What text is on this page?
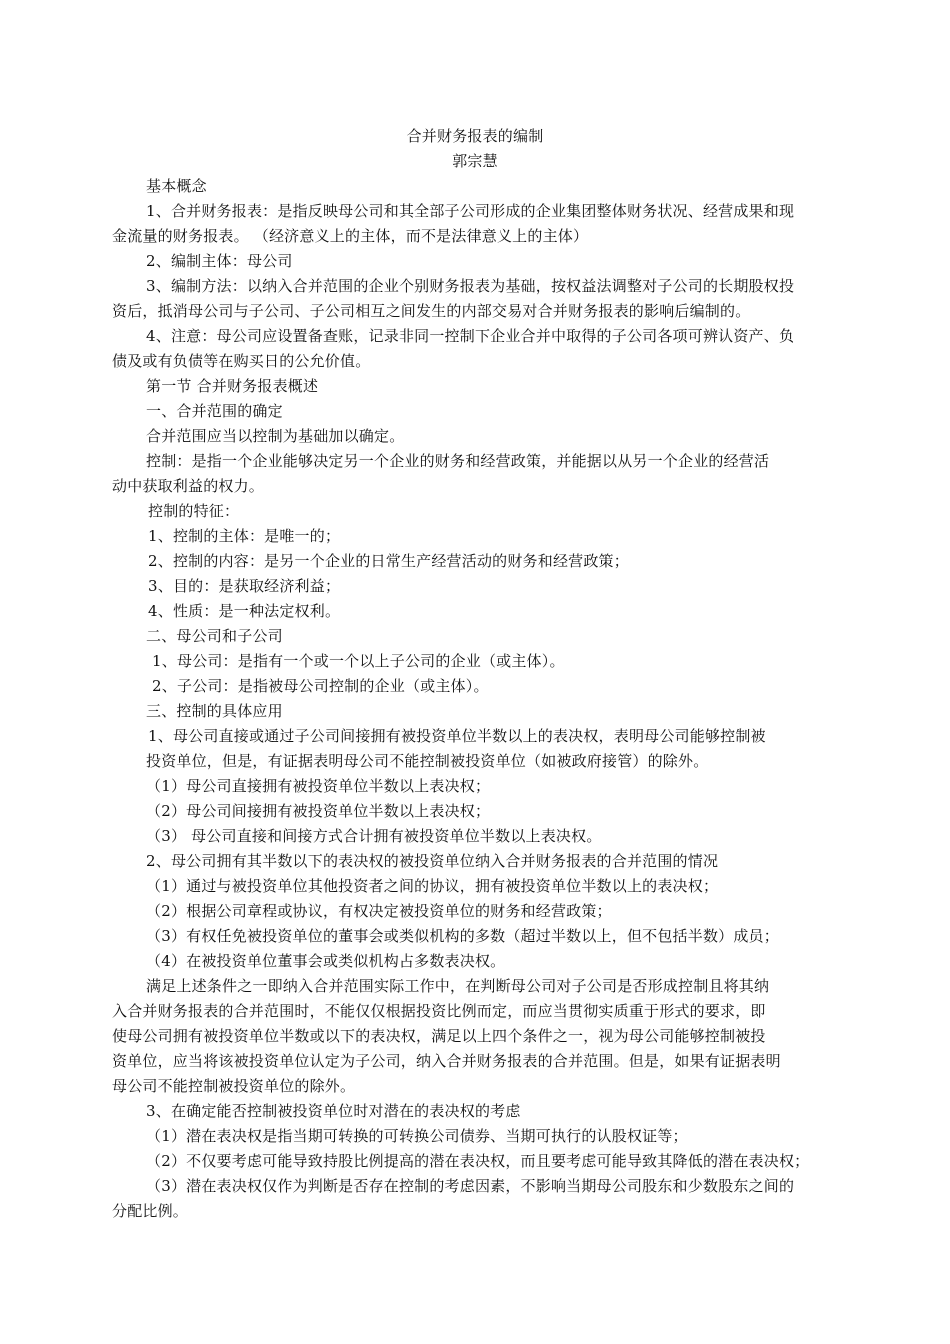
合并财务报表的编制
郭宗慧
基本概念
1、合并财务报表：是指反映母公司和其全部子公司形成的企业集团整体财务状况、经营成果和现
金流量的财务报表。 （经济意义上的主体，而不是法律意义上的主体）
2、编制主体：母公司
3、编制方法：以纳入合并范围的企业个别财务报表为基础，按权益法调整对子公司的长期股权投
资后，抵消母公司与子公司、子公司相互之间发生的内部交易对合并财务报表的影响后编制的。
4、注意：母公司应设置备查账，记录非同一控制下企业合并中取得的子公司各项可辨认资产、负
债及或有负债等在购买日的公允价值。
第一节 合并财务报表概述
一、合并范围的确定
合并范围应当以控制为基础加以确定。
控制：是指一个企业能够决定另一个企业的财务和经营政策，并能据以从另一个企业的经营活
动中获取利益的权力。
控制的特征：
1、控制的主体：是唯一的；
2、控制的内容：是另一个企业的日常生产经营活动的财务和经营政策；
3、目的：是获取经济利益；
4、性质：是一种法定权利。
二、母公司和子公司
1、母公司：是指有一个或一个以上子公司的企业（或主体）。
2、子公司：是指被母公司控制的企业（或主体）。
三、控制的具体应用
1、母公司直接或通过子公司间接拥有被投资单位半数以上的表决权，表明母公司能够控制被
投资单位，但是，有证据表明母公司不能控制被投资单位（如被政府接管）的除外。
（1）母公司直接拥有被投资单位半数以上表决权；
（2）母公司间接拥有被投资单位半数以上表决权；
（3） 母公司直接和间接方式合计拥有被投资单位半数以上表决权。
2、母公司拥有其半数以下的表决权的被投资单位纳入合并财务报表的合并范围的情况
（1）通过与被投资单位其他投资者之间的协议，拥有被投资单位半数以上的表决权；
（2）根据公司章程或协议，有权决定被投资单位的财务和经营政策；
（3）有权任免被投资单位的董事会或类似机构的多数（超过半数以上，但不包括半数）成员；
（4）在被投资单位董事会或类似机构占多数表决权。
满足上述条件之一即纳入合并范围实际工作中，在判断母公司对子公司是否形成控制且将其纳
入合并财务报表的合并范围时，不能仅仅根据投资比例而定，而应当贯彻实质重于形式的要求，即
使母公司拥有被投资单位半数或以下的表决权，满足以上四个条件之一，视为母公司能够控制被投
资单位，应当将该被投资单位认定为子公司，纳入合并财务报表的合并范围。但是，如果有证据表明
母公司不能控制被投资单位的除外。
3、在确定能否控制被投资单位时对潜在的表决权的考虑
（1）潜在表决权是指当期可转换的可转换公司债券、当期可执行的认股权证等；
（2）不仅要考虑可能导致持股比例提高的潜在表决权，而且要考虑可能导致其降低的潜在表决权；
（3）潜在表决权仅作为判断是否存在控制的考虑因素，不影响当期母公司股东和少数股东之间的
分配比例。
